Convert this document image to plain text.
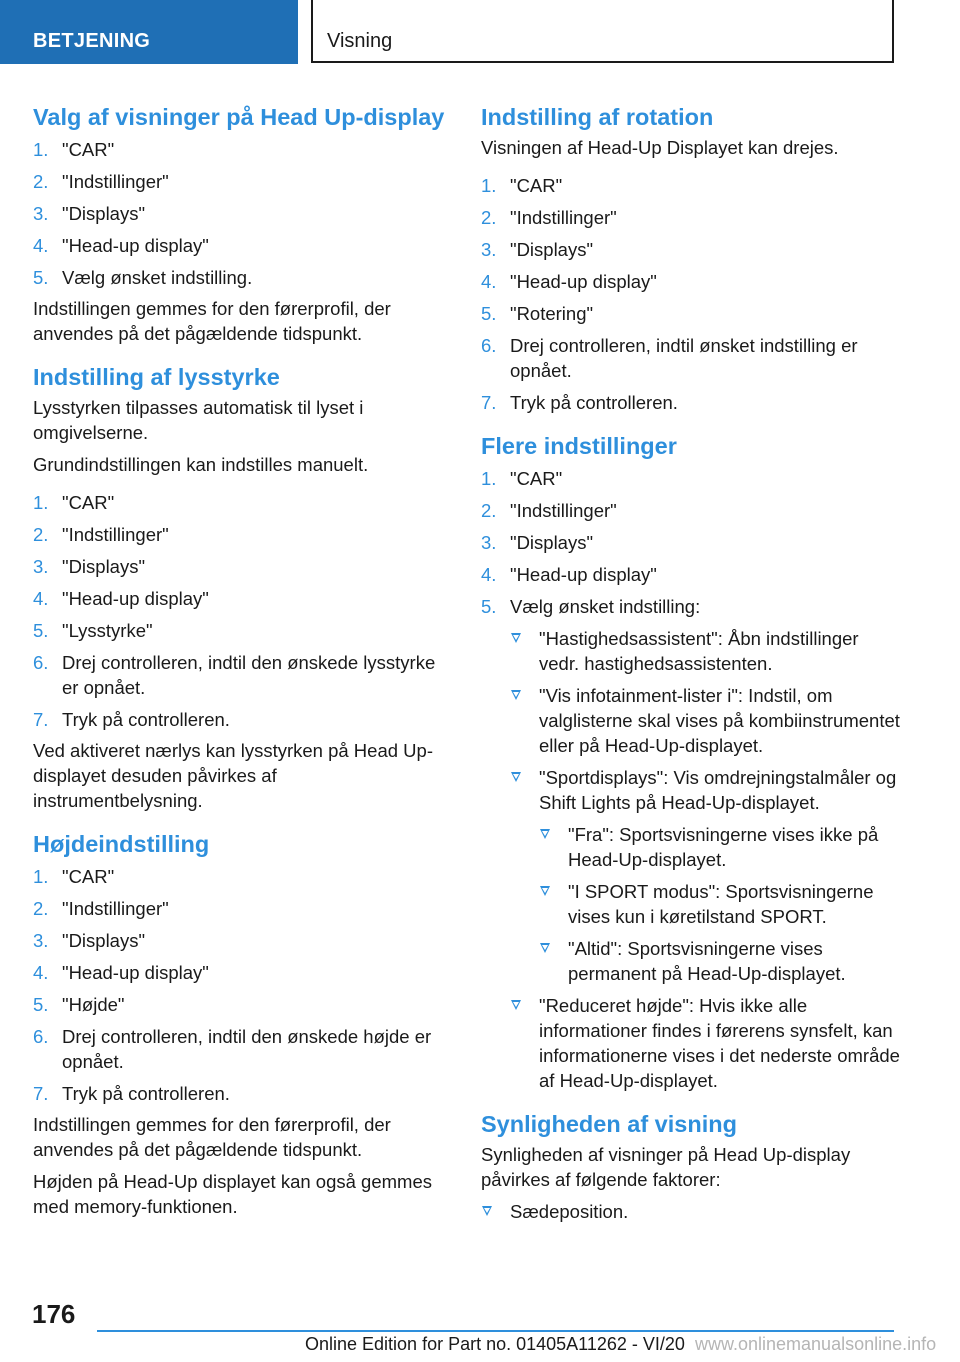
BETJENING	Visning
Valg af visninger på Head Up-display
1. "CAR"
2. "Indstillinger"
3. "Displays"
4. "Head-up display"
5. Vælg ønsket indstilling.

Indstillingen gemmes for den førerprofil, der anvendes på det pågældende tidspunkt.

Indstilling af lysstyrke

Lysstyrken tilpasses automatisk til lyset i omgivelserne.

Grundindstillingen kan indstilles manuelt.

1. "CAR"
2. "Indstillinger"
3. "Displays"
4. "Head-up display"
5. "Lysstyrke"
6. Drej controlleren, indtil den ønskede lysstyrke er opnået.
7. Tryk på controlleren.

Ved aktiveret nærlys kan lysstyrken på Head Up-displayet desuden påvirkes af instrumentbelysning.

Højdeindstilling
1. "CAR"
2. "Indstillinger"
3. "Displays"
4. "Head-up display"
5. "Højde"
6. Drej controlleren, indtil den ønskede højde er opnået.
7. Tryk på controlleren.

Indstillingen gemmes for den førerprofil, der anvendes på det pågældende tidspunkt.

Højden på Head-Up displayet kan også gemmes med memory-funktionen.

Indstilling af rotation

Visningen af Head-Up Displayet kan drejes.

1. "CAR"
2. "Indstillinger"
3. "Displays"
4. "Head-up display"
5. "Rotering"
6. Drej controlleren, indtil ønsket indstilling er opnået.
7. Tryk på controlleren.
Flere indstillinger
1. "CAR"
2. "Indstillinger"
3. "Displays"
4. "Head-up display"
5. Vælg ønsket indstilling:
"Hastighedsassistent": Åbn indstillinger vedr. hastighedsassistenten.
"Vis infotainment-lister i": Indstil, om valglisterne skal vises på kombiinstrumentet eller på Head-Up-displayet.
"Sportdisplays": Vis omdrejningstalmåler og Shift Lights på Head-Up-displayet.
"Fra": Sportsvisningerne vises ikke på Head-Up-displayet.
"I SPORT modus": Sportsvisningerne vises kun i køretilstand SPORT.
"Altid": Sportsvisningerne vises permanent på Head-Up-displayet.
"Reduceret højde": Hvis ikke alle informationer findes i førerens synsfelt, kan informationerne vises i det nederste område af Head-Up-displayet.
Synligheden af visning

Synligheden af visninger på Head Up-display påvirkes af følgende faktorer:

Sædeposition.
176
Online Edition for Part no. 01405A11262 - VI/20 www.onlinemanualsonline.info
